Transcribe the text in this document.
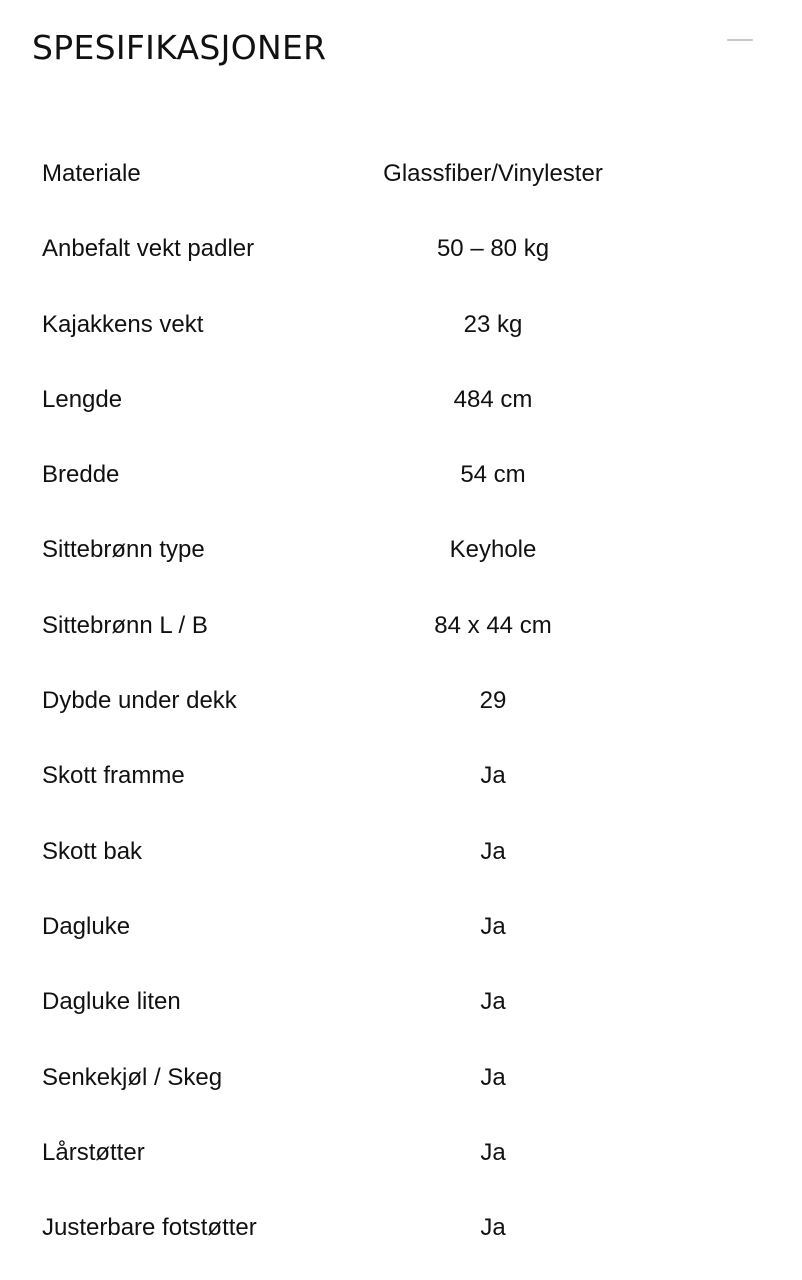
SPESIFIKASJONER
Materiale	Glassfiber/Vinylester
Anbefalt vekt padler	50 – 80 kg
Kajakkens vekt	23 kg
Lengde	484 cm
Bredde	54 cm
Sittebrønn type	Keyhole
Sittebrønn L / B	84 x 44 cm
Dybde under dekk	29
Skott framme	Ja
Skott bak	Ja
Dagluke	Ja
Dagluke liten	Ja
Senkekjøl / Skeg	Ja
Lårstøtter	Ja
Justerbare fotstøtter	Ja
